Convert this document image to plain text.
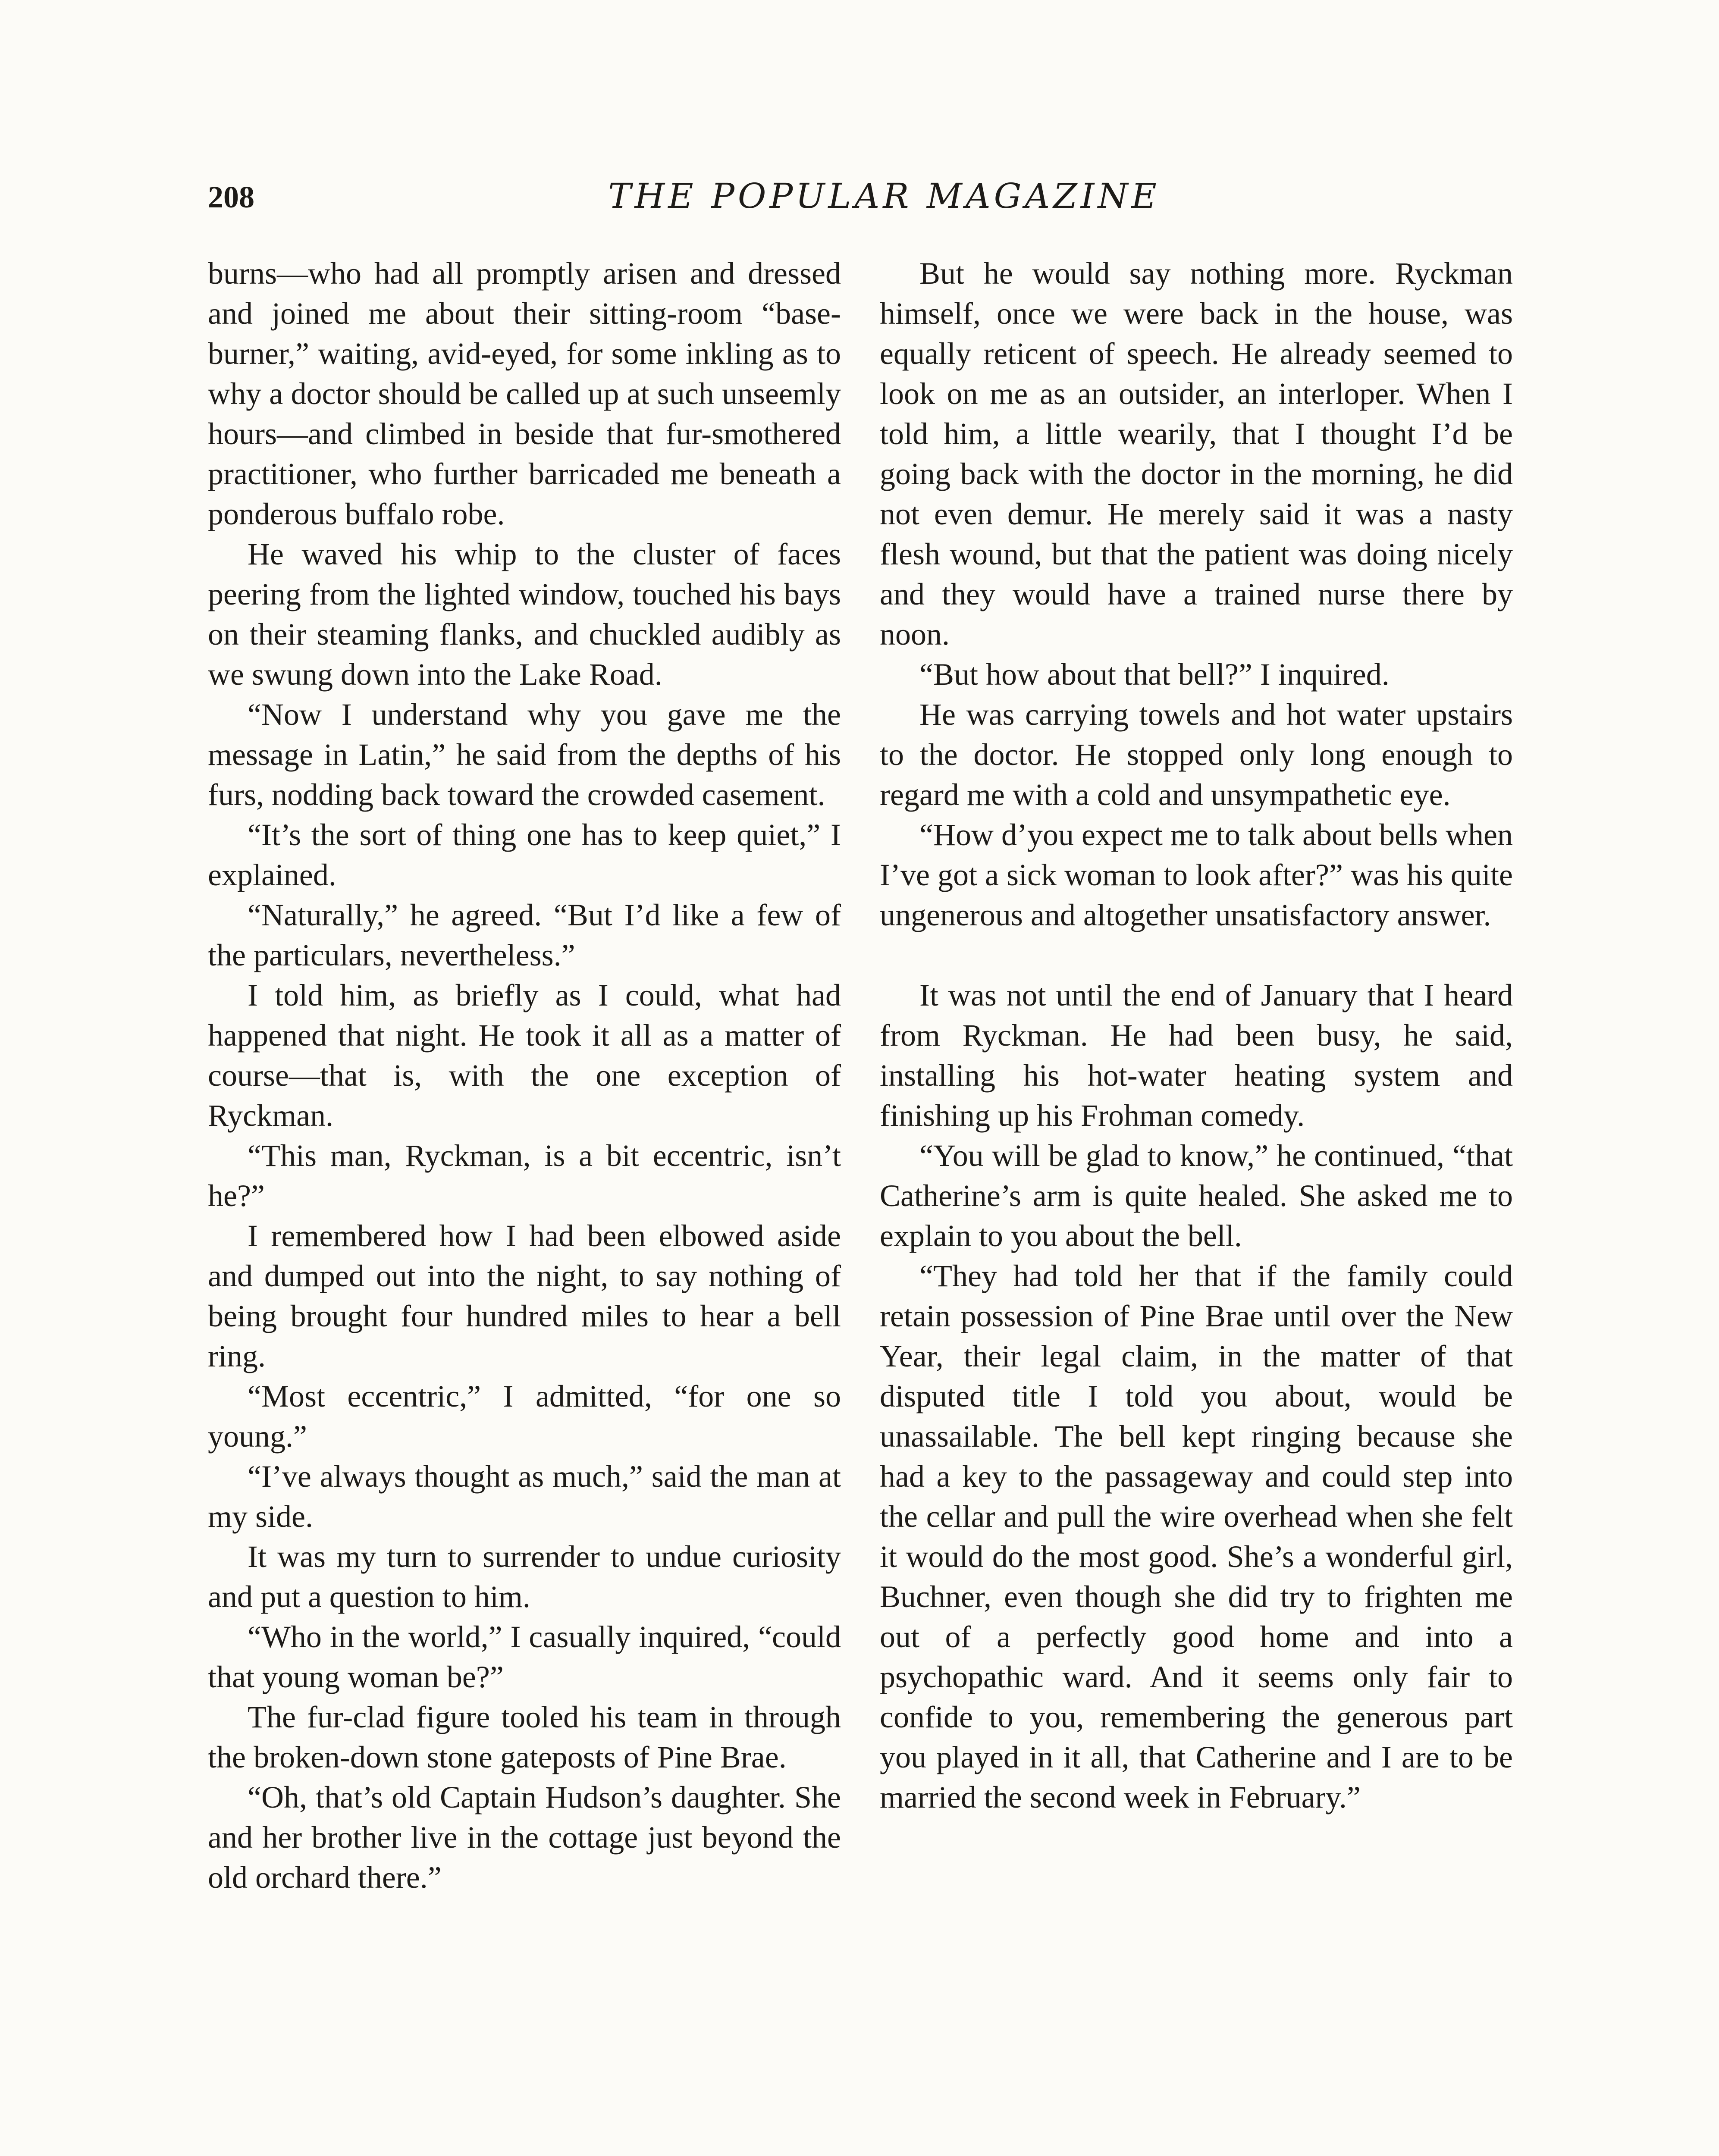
208	THE POPULAR MAGAZINE

burns—who had all promptly arisen and dressed and joined me about their sitting-room “base-burner,” waiting, avid-eyed, for some inkling as to why a doctor should be called up at such unseemly hours—and climbed in beside that fur-smothered practitioner, who further barricaded me beneath a ponderous buffalo robe.

He waved his whip to the cluster of faces peering from the lighted window, touched his bays on their steaming flanks, and chuckled audibly as we swung down into the Lake Road.

“Now I understand why you gave me the message in Latin,” he said from the depths of his furs, nodding back toward the crowded casement.

“It’s the sort of thing one has to keep quiet,” I explained.

“Naturally,” he agreed. “But I’d like a few of the particulars, nevertheless.”

I told him, as briefly as I could, what had happened that night. He took it all as a matter of course—that is, with the one exception of Ryckman.

“This man, Ryckman, is a bit eccentric, isn’t he?”

I remembered how I had been elbowed aside and dumped out into the night, to say nothing of being brought four hundred miles to hear a bell ring.

“Most eccentric,” I admitted, “for one so young.”

“I’ve always thought as much,” said the man at my side.

It was my turn to surrender to undue curiosity and put a question to him.

“Who in the world,” I casually inquired, “could that young woman be?”

The fur-clad figure tooled his team in through the broken-down stone gateposts of Pine Brae.

“Oh, that’s old Captain Hudson’s daughter. She and her brother live in the cottage just beyond the old orchard there.”

But he would say nothing more. Ryckman himself, once we were back in the house, was equally reticent of speech. He already seemed to look on me as an outsider, an interloper. When I told him, a little wearily, that I thought I’d be going back with the doctor in the morning, he did not even demur. He merely said it was a nasty flesh wound, but that the patient was doing nicely and they would have a trained nurse there by noon.

“But how about that bell?” I inquired.

He was carrying towels and hot water upstairs to the doctor. He stopped only long enough to regard me with a cold and unsympathetic eye.

“How d’you expect me to talk about bells when I’ve got a sick woman to look after?” was his quite ungenerous and altogether unsatisfactory answer.

It was not until the end of January that I heard from Ryckman. He had been busy, he said, installing his hot-water heating system and finishing up his Frohman comedy.

“You will be glad to know,” he continued, “that Catherine’s arm is quite healed. She asked me to explain to you about the bell.

“They had told her that if the family could retain possession of Pine Brae until over the New Year, their legal claim, in the matter of that disputed title I told you about, would be unassailable. The bell kept ringing because she had a key to the passageway and could step into the cellar and pull the wire overhead when she felt it would do the most good. She’s a wonderful girl, Buchner, even though she did try to frighten me out of a perfectly good home and into a psychopathic ward. And it seems only fair to confide to you, remembering the generous part you played in it all, that Catherine and I are to be married the second week in February.”
